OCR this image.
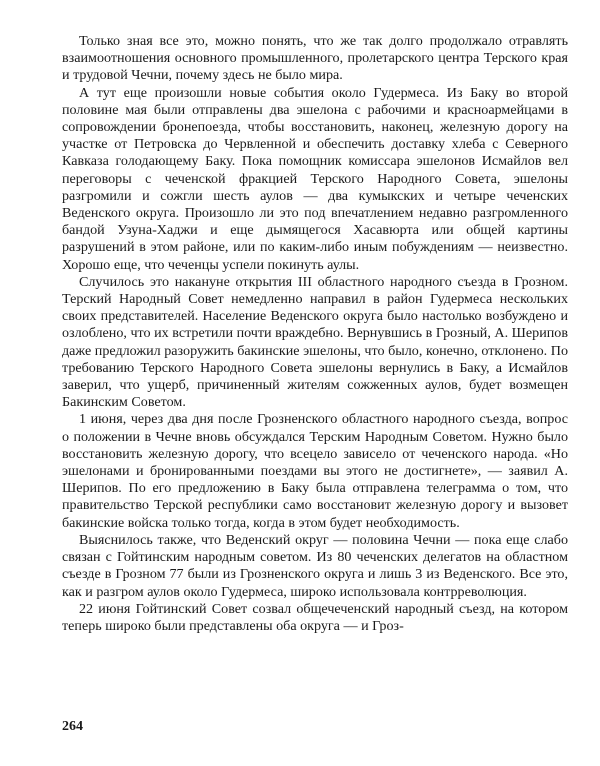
Только зная все это, можно понять, что же так долго продолжало отравлять взаимоотношения основного промышленного, пролетарского центра Терского края и трудовой Чечни, почему здесь не было мира.

А тут еще произошли новые события около Гудермеса. Из Баку во второй половине мая были отправлены два эшелона с рабочими и красноармейцами в сопровождении бронепоезда, чтобы восстановить, наконец, железную дорогу на участке от Петровска до Червленной и обеспечить доставку хлеба с Северного Кавказа голодающему Баку. Пока помощник комиссара эшелонов Исмайлов вел переговоры с чеченской фракцией Терского Народного Совета, эшелоны разгромили и сожгли шесть аулов — два кумыкских и четыре чеченских Веденского округа. Произошло ли это под впечатлением недавно разгромленного бандой Узуна-Хаджи и еще дымящегося Хасавюрта или общей картины разрушений в этом районе, или по каким-либо иным побуждениям — неизвестно. Хорошо еще, что чеченцы успели покинуть аулы.

Случилось это накануне открытия III областного народного съезда в Грозном. Терский Народный Совет немедленно направил в район Гудермеса нескольких своих представителей. Население Веденского округа было настолько возбуждено и озлоблено, что их встретили почти враждебно. Вернувшись в Грозный, А. Шерипов даже предложил разоружить бакинские эшелоны, что было, конечно, отклонено. По требованию Терского Народного Совета эшелоны вернулись в Баку, а Исмайлов заверил, что ущерб, причиненный жителям сожженных аулов, будет возмещен Бакинским Советом.

1 июня, через два дня после Грозненского областного народного съезда, вопрос о положении в Чечне вновь обсуждался Терским Народным Советом. Нужно было восстановить железную дорогу, что всецело зависело от чеченского народа. «Но эшелонами и бронированными поездами вы этого не достигнете», — заявил А. Шерипов. По его предложению в Баку была отправлена телеграмма о том, что правительство Терской республики само восстановит железную дорогу и вызовет бакинские войска только тогда, когда в этом будет необходимость.

Выяснилось также, что Веденский округ — половина Чечни — пока еще слабо связан с Гойтинским народным советом. Из 80 чеченских делегатов на областном съезде в Грозном 77 были из Грозненского округа и лишь 3 из Веденского. Все это, как и разгром аулов около Гудермеса, широко использовала контрреволюция.

22 июня Гойтинский Совет созвал общечеченский народный съезд, на котором теперь широко были представлены оба округа — и Гроз-

264
